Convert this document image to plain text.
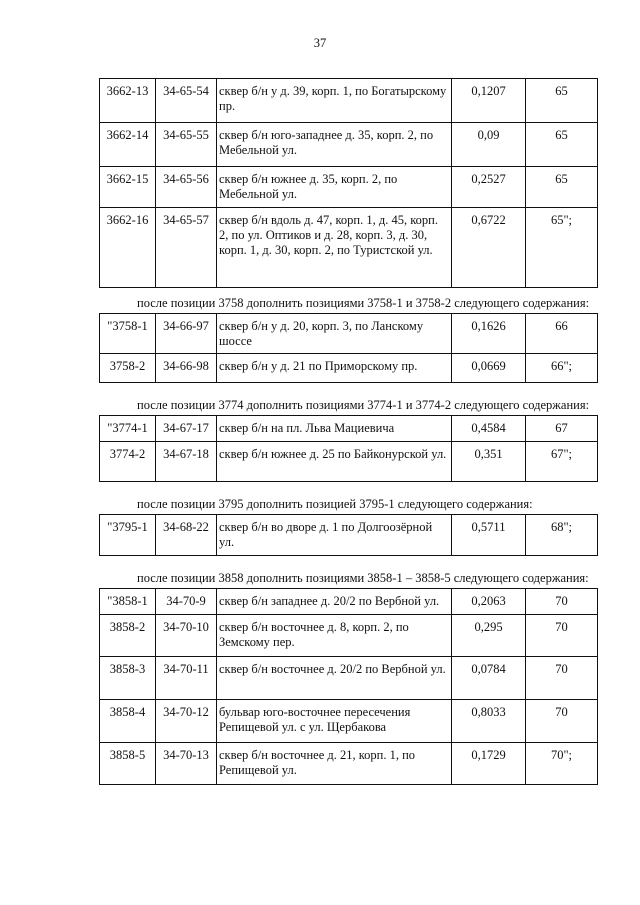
37
3662-13	34-65-54	сквер б/н у д. 39, корп. 1, по Богатырскому пр.	0,1207	65
3662-14	34-65-55	сквер б/н юго-западнее д. 35, корп. 2, по Мебельной ул.	0,09	65
3662-15	34-65-56	сквер б/н южнее д. 35, корп. 2, по Мебельной ул.	0,2527	65
3662-16	34-65-57	сквер б/н вдоль д. 47, корп. 1, д. 45, корп. 2, по ул. Оптиков и д. 28, корп. 3, д. 30, корп. 1, д. 30, корп. 2, по Туристской ул.	0,6722	65";
после позиции 3758 дополнить позициями 3758-1 и 3758-2 следующего содержания:
"3758-1	34-66-97	сквер б/н у д. 20, корп. 3, по Ланскому шоссе	0,1626	66
3758-2	34-66-98	сквер б/н у д. 21 по Приморскому пр.	0,0669	66";
после позиции 3774 дополнить позициями 3774-1 и 3774-2 следующего содержания:
"3774-1	34-67-17	сквер б/н на пл. Льва Мациевича	0,4584	67
3774-2	34-67-18	сквер б/н южнее д. 25 по Байконурской ул.	0,351	67";
после позиции 3795 дополнить позицией 3795-1 следующего содержания:
"3795-1	34-68-22	сквер б/н во дворе д. 1 по Долгоозёрной ул.	0,5711	68";
после позиции 3858 дополнить позициями 3858-1 – 3858-5 следующего содержания:
"3858-1	34-70-9	сквер б/н западнее д. 20/2 по Вербной ул.	0,2063	70
3858-2	34-70-10	сквер б/н восточнее д. 8, корп. 2, по Земскому пер.	0,295	70
3858-3	34-70-11	сквер б/н восточнее д. 20/2 по Вербной ул.	0,0784	70
3858-4	34-70-12	бульвар юго-восточнее пересечения Репищевой ул. с ул. Щербакова	0,8033	70
3858-5	34-70-13	сквер б/н восточнее д. 21, корп. 1, по Репищевой ул.	0,1729	70";
